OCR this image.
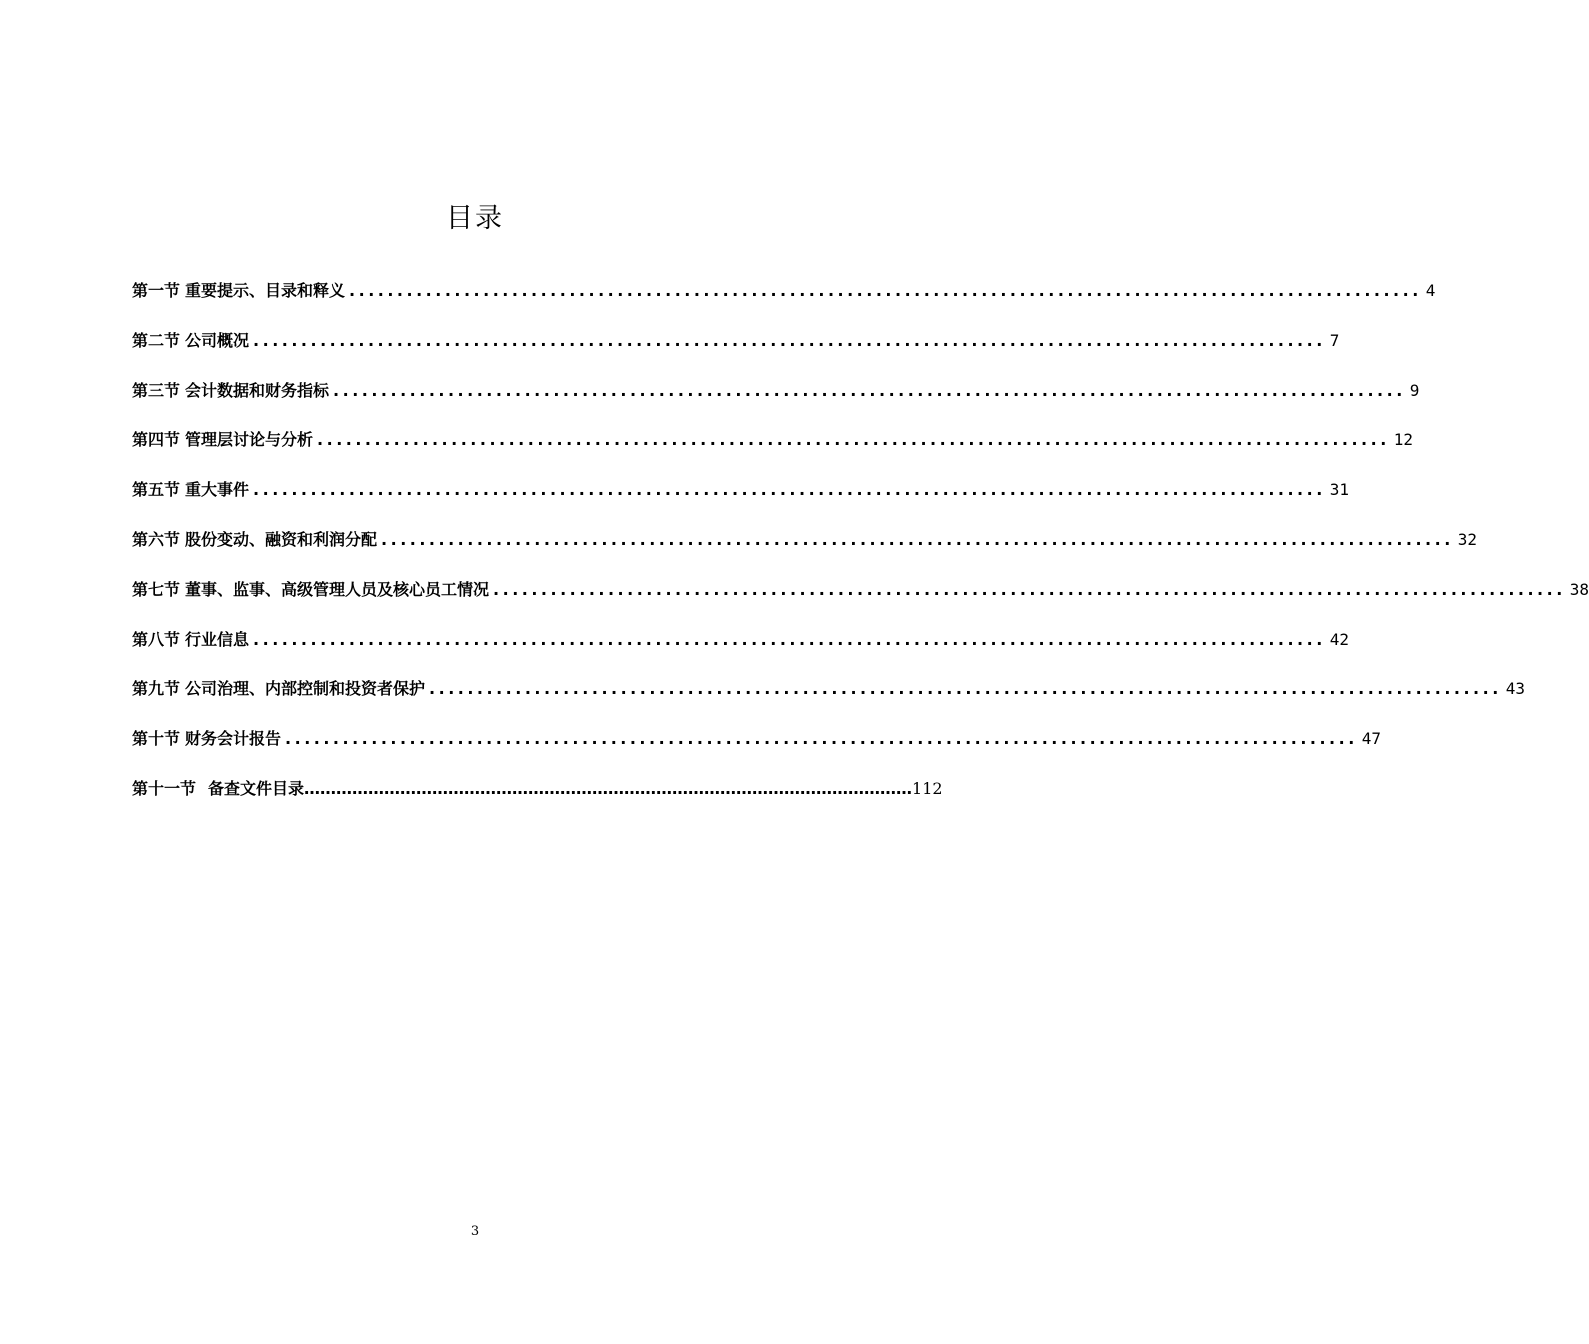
目录
第一节 重要提示、目录和释义 ................................................................................................................ 4
第二节 公司概况 ................................................................................................................ 7
第三节 会计数据和财务指标 ................................................................................................................ 9
第四节 管理层讨论与分析 ................................................................................................................ 12
第五节 重大事件 ................................................................................................................ 31
第六节 股份变动、融资和利润分配 ................................................................................................................ 32
第七节 董事、监事、高级管理人员及核心员工情况 ................................................................................................................ 38
第八节 行业信息 ................................................................................................................ 42
第九节 公司治理、内部控制和投资者保护 ................................................................................................................ 43
第十节 财务会计报告 ................................................................................................................ 47
第十一节 备查文件目录 …………………………………………………………………………………………………… 112
3
